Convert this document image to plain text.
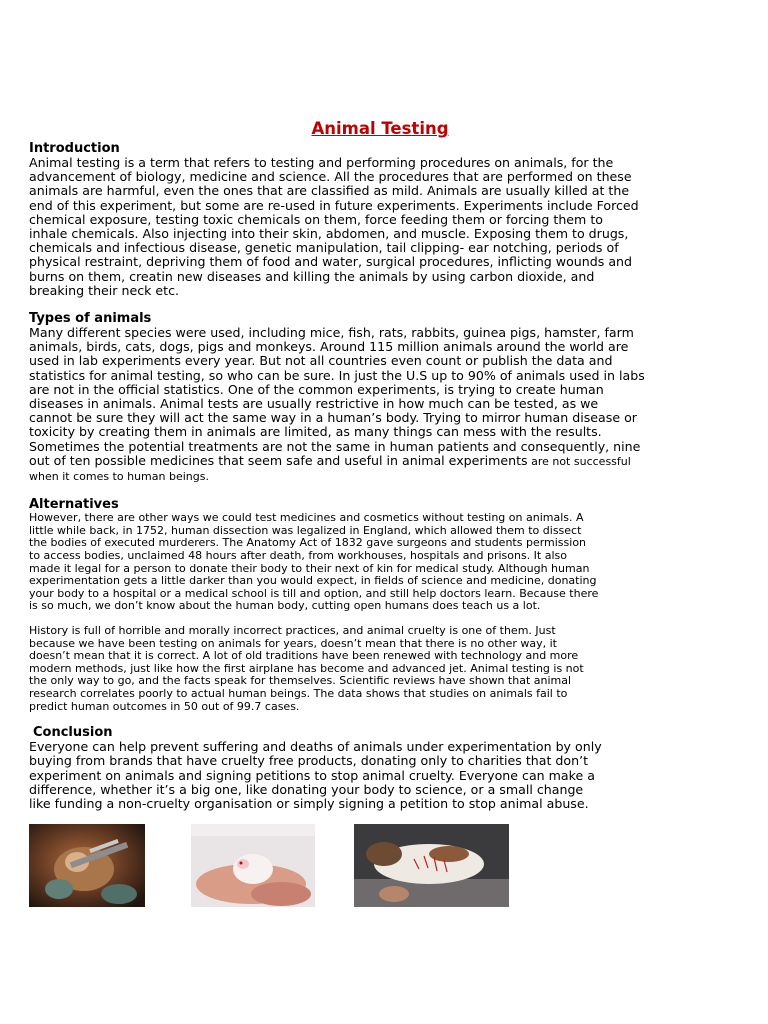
Animal Testing
Introduction

Animal testing is a term that refers to testing and performing procedures on animals, for the
advancement of biology, medicine and science. All the procedures that are performed on these
animals are harmful, even the ones that are classified as mild. Animals are usually killed at the
end of this experiment, but some are re-used in future experiments. Experiments include Forced
chemical exposure, testing toxic chemicals on them, force feeding them or forcing them to
inhale chemicals. Also injecting into their skin, abdomen, and muscle. Exposing them to drugs,
chemicals and infectious disease, genetic manipulation, tail clipping- ear notching, periods of
physical restraint, depriving them of food and water, surgical procedures, inflicting wounds and
burns on them, creatin new diseases and killing the animals by using carbon dioxide, and
breaking their neck etc.

Types of animals

Many different species were used, including mice, fish, rats, rabbits, guinea pigs, hamster, farm
animals, birds, cats, dogs, pigs and monkeys. Around 115 million animals around the world are
used in lab experiments every year. But not all countries even count or publish the data and
statistics for animal testing, so who can be sure. In just the U.S up to 90% of animals used in labs
are not in the official statistics. One of the common experiments, is trying to create human
diseases in animals. Animal tests are usually restrictive in how much can be tested, as we
cannot be sure they will act the same way in a human’s body. Trying to mirror human disease or
toxicity by creating them in animals are limited, as many things can mess with the results.
Sometimes the potential treatments are not the same in human patients and consequently, nine
out of ten possible medicines that seem safe and useful in animal experiments are not successful
when it comes to human beings.

Alternatives

However, there are other ways we could test medicines and cosmetics without testing on animals. A
little while back, in 1752, human dissection was legalized in England, which allowed them to dissect
the bodies of executed murderers. The Anatomy Act of 1832 gave surgeons and students permission
to access bodies, unclaimed 48 hours after death, from workhouses, hospitals and prisons. It also
made it legal for a person to donate their body to their next of kin for medical study. Although human
experimentation gets a little darker than you would expect, in fields of science and medicine, donating
your body to a hospital or a medical school is till and option, and still help doctors learn. Because there
is so much, we don’t know about the human body, cutting open humans does teach us a lot.

History is full of horrible and morally incorrect practices, and animal cruelty is one of them. Just
because we have been testing on animals for years, doesn’t mean that there is no other way, it
doesn’t mean that it is correct. A lot of old traditions have been renewed with technology and more
modern methods, just like how the first airplane has become and advanced jet. Animal testing is not
the only way to go, and the facts speak for themselves. Scientific reviews have shown that animal
research correlates poorly to actual human beings. The data shows that studies on animals fail to
predict human outcomes in 50 out of 99.7 cases.

Conclusion

Everyone can help prevent suffering and deaths of animals under experimentation by only
buying from brands that have cruelty free products, donating only to charities that don’t
experiment on animals and signing petitions to stop animal cruelty. Everyone can make a
difference, whether it’s a big one, like donating your body to science, or a small change
like funding a non-cruelty organisation or simply signing a petition to stop animal abuse.
